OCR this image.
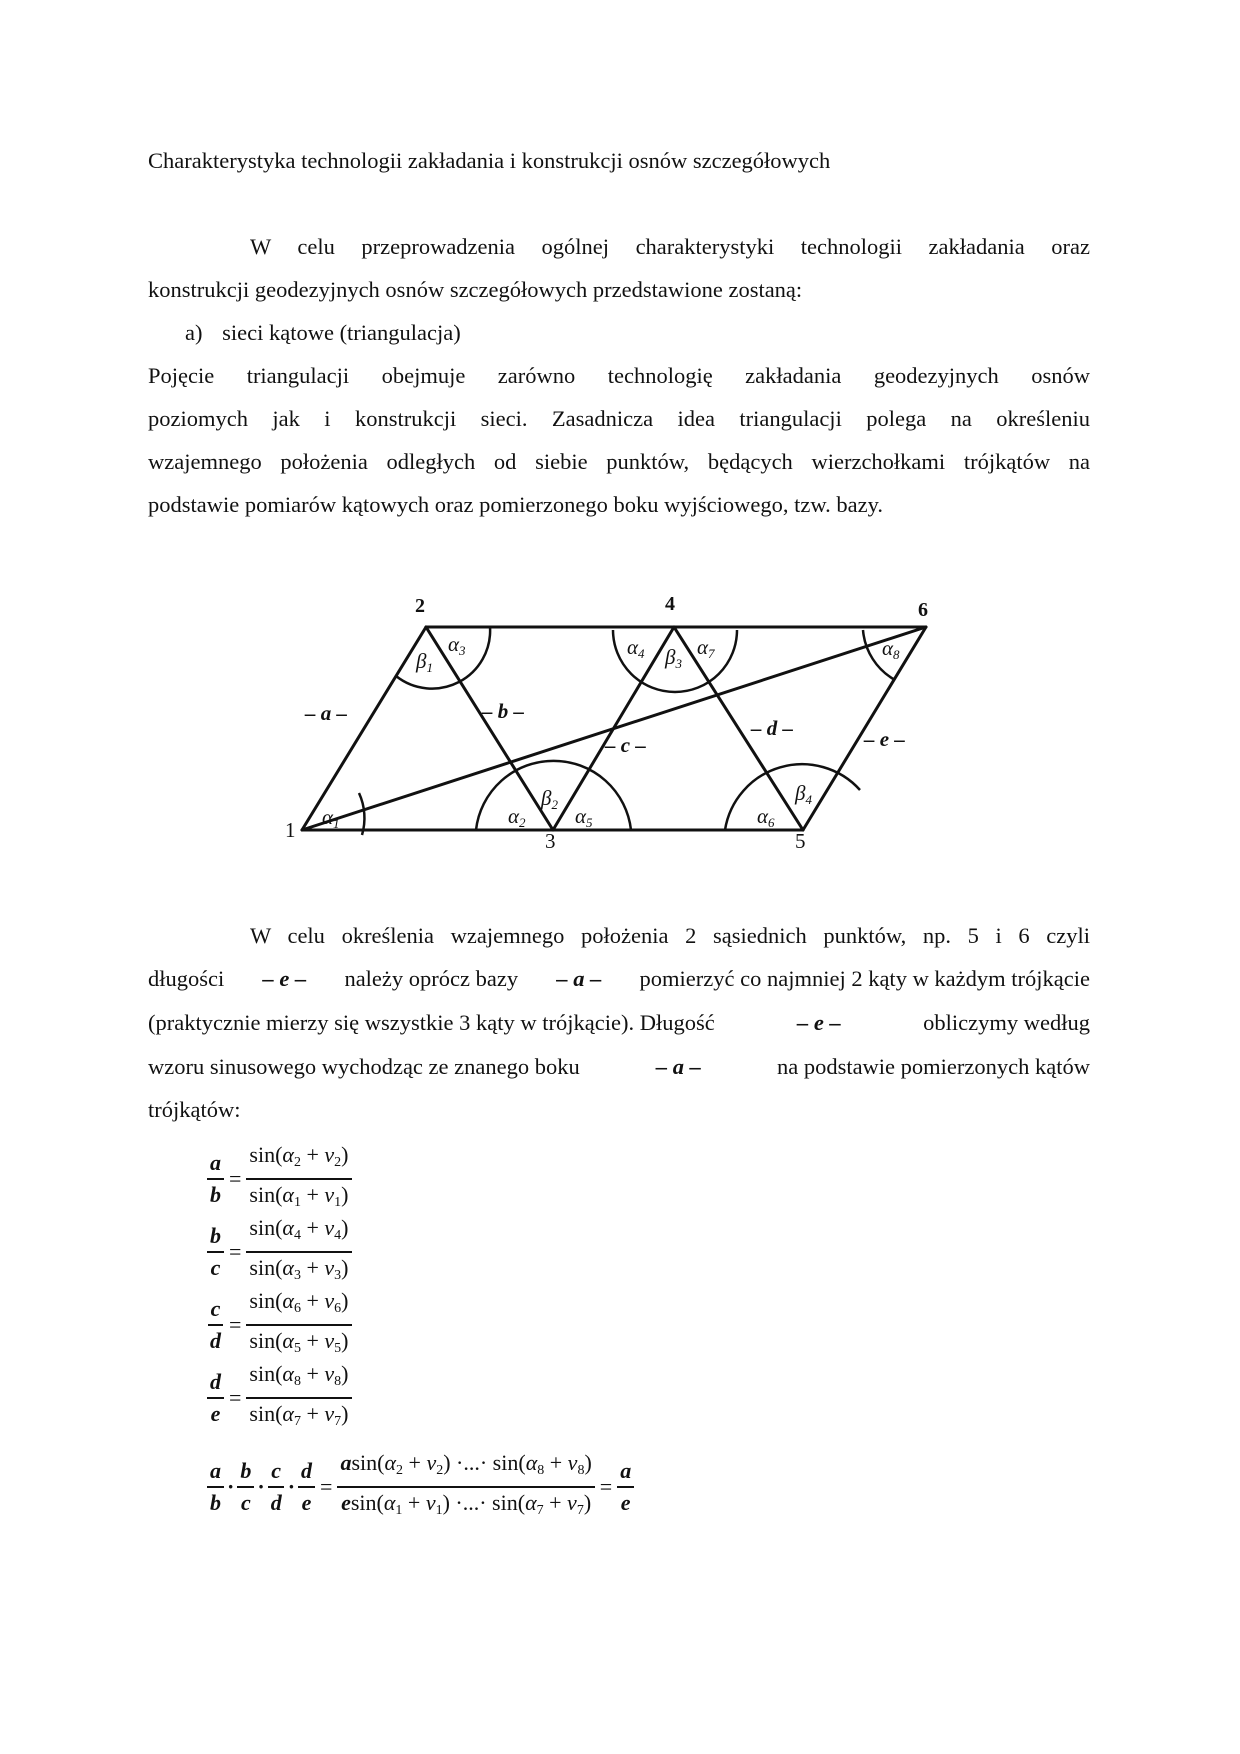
Charakterystyka technologii zakładania i konstrukcji osnów szczegółowych
W celu przeprowadzenia ogólnej charakterystyki technologii zakładania oraz
konstrukcji geodezyjnych osnów szczegółowych przedstawione zostaną:
a) sieci kątowe (triangulacja)
Pojęcie triangulacji obejmuje zarówno technologię zakładania geodezyjnych osnów
poziomych jak i konstrukcji sieci. Zasadnicza idea triangulacji polega na określeniu
wzajemnego położenia odległych od siebie punktów, będących wierzchołkami trójkątów na
podstawie pomiarów kątowych oraz pomierzonego boku wyjściowego, tzw. bazy.
2	4	6
1	3	5
– a –	– b –
– c –
– d –	– e –
α1	α2
α3	α4
α5	α6
α7	α8
β1
β2
β3
β4
W celu określenia wzajemnego położenia 2 sąsiednich punktów, np. 5 i 6 czyli
długości – e – należy oprócz bazy – a – pomierzyć co najmniej 2 kąty w każdym trójkącie
(praktycznie mierzy się wszystkie 3 kąty w trójkącie). Długość	– e –	obliczymy według
wzoru sinusowego wychodząc ze znanego boku	– a –	na podstawie pomierzonych kątów
trójkątów:
$\frac{a}{b} = \frac{\sin(\alpha_2 + v_2)}{\sin(\alpha_1 + v_1)}$
$\frac{b}{c} = \frac{\sin(\alpha_4 + v_4)}{\sin(\alpha_3 + v_3)}$
$\frac{c}{d} = \frac{\sin(\alpha_6 + v_6)}{\sin(\alpha_5 + v_5)}$
$\frac{d}{e} = \frac{\sin(\alpha_8 + v_8)}{\sin(\alpha_7 + v_7)}$
$\frac{a}{b} \cdot \frac{b}{c} \cdot \frac{c}{d} \cdot \frac{d}{e} = \frac{asin(\alpha_2 + v_2) \cdot...\cdot \sin(\alpha_8 + v_8)}{esin(\alpha_1 + v_1) \cdot...\cdot \sin(\alpha_7 + v_7)} = \frac{a}{e}$
